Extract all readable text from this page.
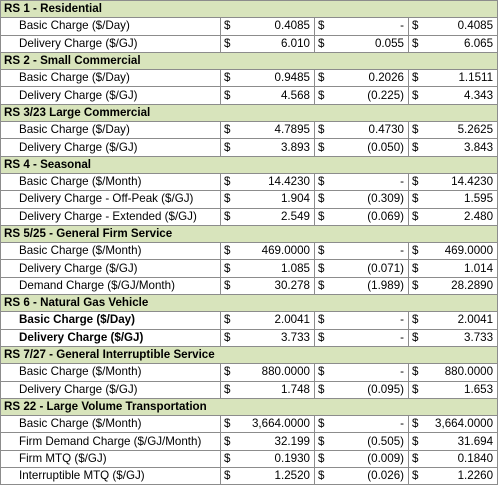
RS 1 - Residential						
Basic Charge ($/Day)	$	0.4085	$	-	$	0.4085
Delivery Charge ($/GJ)	$	6.010	$	0.055	$	6.065
RS 2 - Small Commercial						
Basic Charge ($/Day)	$	0.9485	$	0.2026	$	1.1511
Delivery Charge ($/GJ)	$	4.568	$	(0.225)	$	4.343
RS 3/23 Large Commercial						
Basic Charge ($/Day)	$	4.7895	$	0.4730	$	5.2625
Delivery Charge ($/GJ)	$	3.893	$	(0.050)	$	3.843
RS 4 - Seasonal						
Basic Charge ($/Month)	$	14.4230	$	-	$	14.4230
Delivery Charge - Off-Peak ($/GJ)	$	1.904	$	(0.309)	$	1.595
Delivery Charge - Extended ($/GJ)	$	2.549	$	(0.069)	$	2.480
RS 5/25 - General Firm Service						
Basic Charge ($/Month)	$	469.0000	$	-	$	469.0000
Delivery Charge ($/GJ)	$	1.085	$	(0.071)	$	1.014
Demand Charge ($/GJ/Month)	$	30.278	$	(1.989)	$	28.2890
RS 6 - Natural Gas Vehicle						
Basic Charge ($/Day)	$	2.0041	$	-	$	2.0041
Delivery Charge ($/GJ)	$	3.733	$	-	$	3.733
RS 7/27 - General Interruptible Service						
Basic Charge ($/Month)	$	880.0000	$	-	$	880.0000
Delivery Charge ($/GJ)	$	1.748	$	(0.095)	$	1.653
RS 22 - Large Volume Transportation						
Basic Charge ($/Month)	$	3,664.0000	$	-	$	3,664.0000
Firm Demand Charge ($/GJ/Month)	$	32.199	$	(0.505)	$	31.694
Firm MTQ ($/GJ)	$	0.1930	$	(0.009)	$	0.1840
Interruptible MTQ ($/GJ)	$	1.2520	$	(0.026)	$	1.2260
